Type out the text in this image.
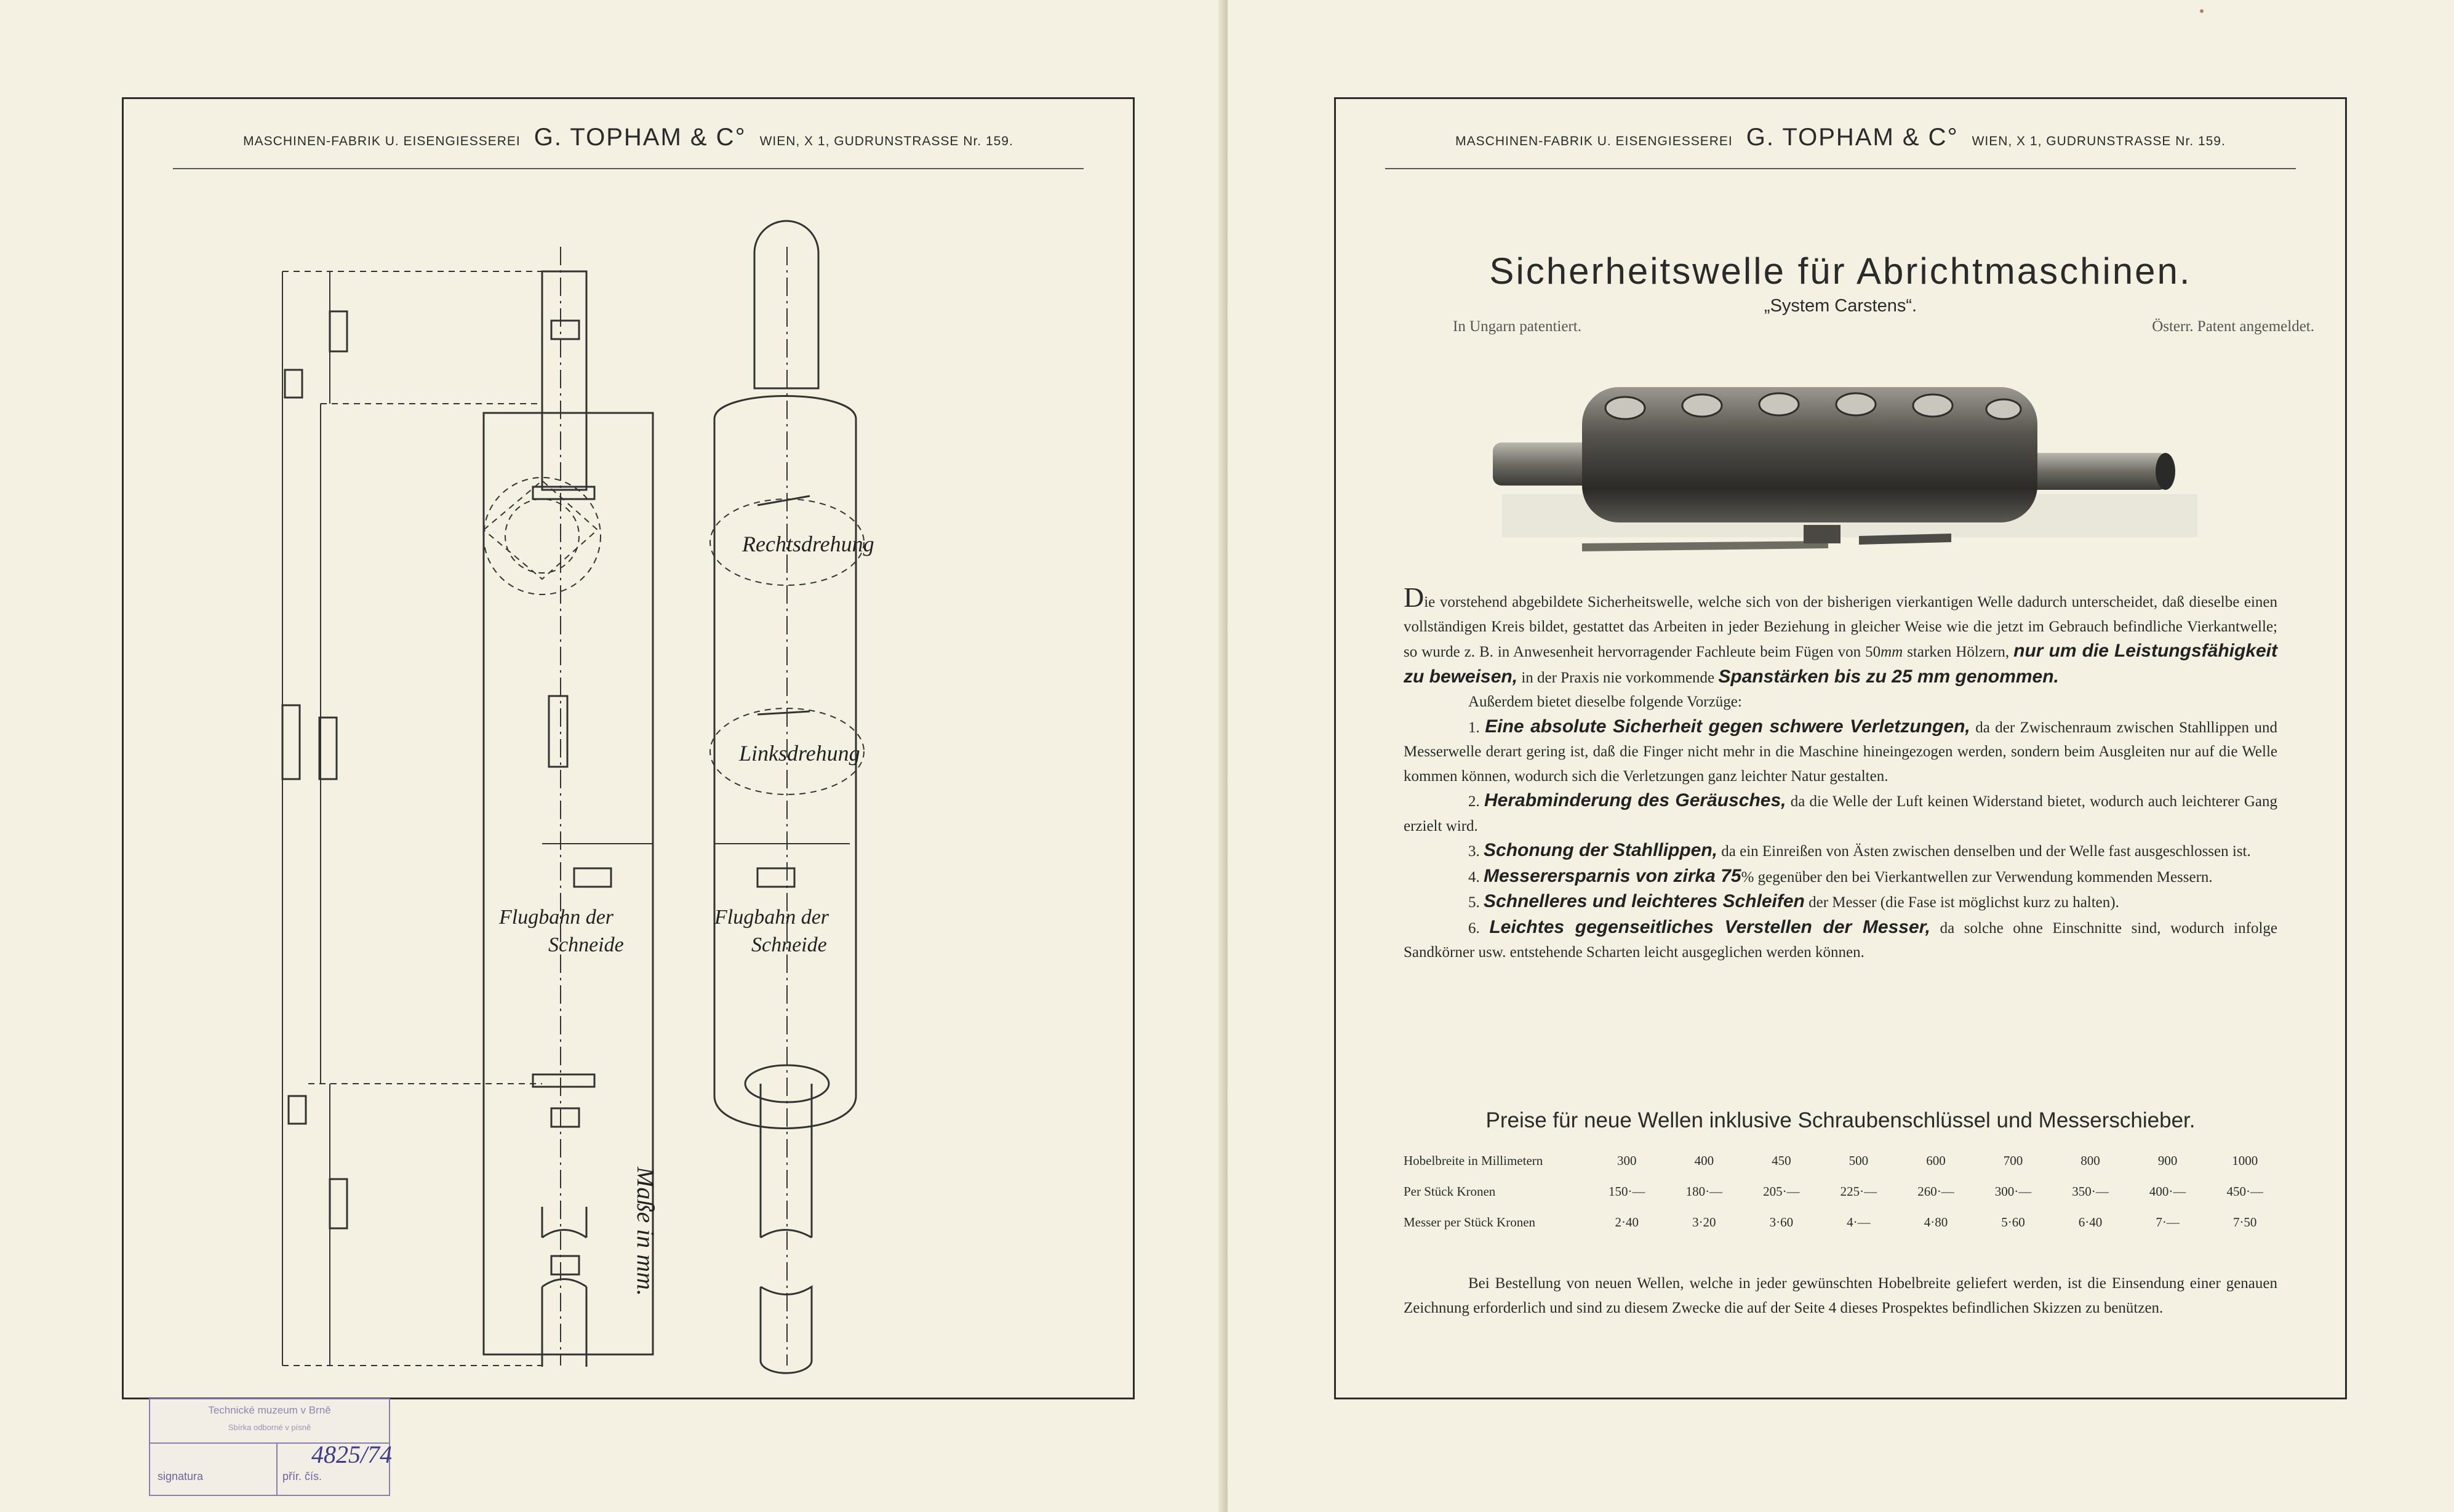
MASCHINEN-FABRIK U. EISENGIESSEREI G. TOPHAM & C° WIEN, X 1, GUDRUNSTRASSE Nr. 159.
Rechtsdrehung
Linksdrehung
Flugbahn der
Schneide
Flugbahn der
Schneide
Maße in mm.
Technické muzeum v Brně
Sbírka odborné v písně
signatura	přír. čís.
4825/74
MASCHINEN-FABRIK U. EISENGIESSEREI G. TOPHAM & C° WIEN, X 1, GUDRUNSTRASSE Nr. 159.
Sicherheitswelle für Abrichtmaschinen.
„System Carstens“.
In Ungarn patentiert.	Österr. Patent angemeldet.

Die vorstehend abgebildete Sicherheitswelle, welche sich von der bisherigen vierkantigen Welle dadurch unterscheidet, daß dieselbe einen vollständigen Kreis bildet, gestattet das Arbeiten in jeder Beziehung in gleicher Weise wie die jetzt im Gebrauch befindliche Vierkantwelle; so wurde z. B. in Anwesenheit hervorragender Fachleute beim Fügen von 50mm starken Hölzern, nur um die Leistungsfähigkeit zu beweisen, in der Praxis nie vorkommende Spanstärken bis zu 25 mm genommen.

Außerdem bietet dieselbe folgende Vorzüge:

1. Eine absolute Sicherheit gegen schwere Verletzungen, da der Zwischenraum zwischen Stahllippen und Messerwelle derart gering ist, daß die Finger nicht mehr in die Maschine hineingezogen werden, sondern beim Ausgleiten nur auf die Welle kommen können, wodurch sich die Verletzungen ganz leichter Natur gestalten.

2. Herabminderung des Geräusches, da die Welle der Luft keinen Widerstand bietet, wodurch auch leichterer Gang erzielt wird.

3. Schonung der Stahllippen, da ein Einreißen von Ästen zwischen denselben und der Welle fast ausgeschlossen ist.

4. Messerersparnis von zirka 75% gegenüber den bei Vierkantwellen zur Verwendung kommenden Messern.

5. Schnelleres und leichteres Schleifen der Messer (die Fase ist möglichst kurz zu halten).

6. Leichtes gegenseitliches Verstellen der Messer, da solche ohne Einschnitte sind, wodurch infolge Sandkörner usw. entstehende Scharten leicht ausgeglichen werden können.

Preise für neue Wellen inklusive Schraubenschlüssel und Messerschieber.
Hobelbreite in Millimetern	300	400	450	500	600	700	800	900	1000
Per Stück Kronen	150·—	180·—	205·—	225·—	260·—	300·—	350·—	400·—	450·—
Messer per Stück Kronen	2·40	3·20	3·60	4·—	4·80	5·60	6·40	7·—	7·50
Bei Bestellung von neuen Wellen, welche in jeder gewünschten Hobelbreite geliefert werden, ist die Einsendung einer genauen Zeichnung erforderlich und sind zu diesem Zwecke die auf der Seite 4 dieses Prospektes befindlichen Skizzen zu benützen.
